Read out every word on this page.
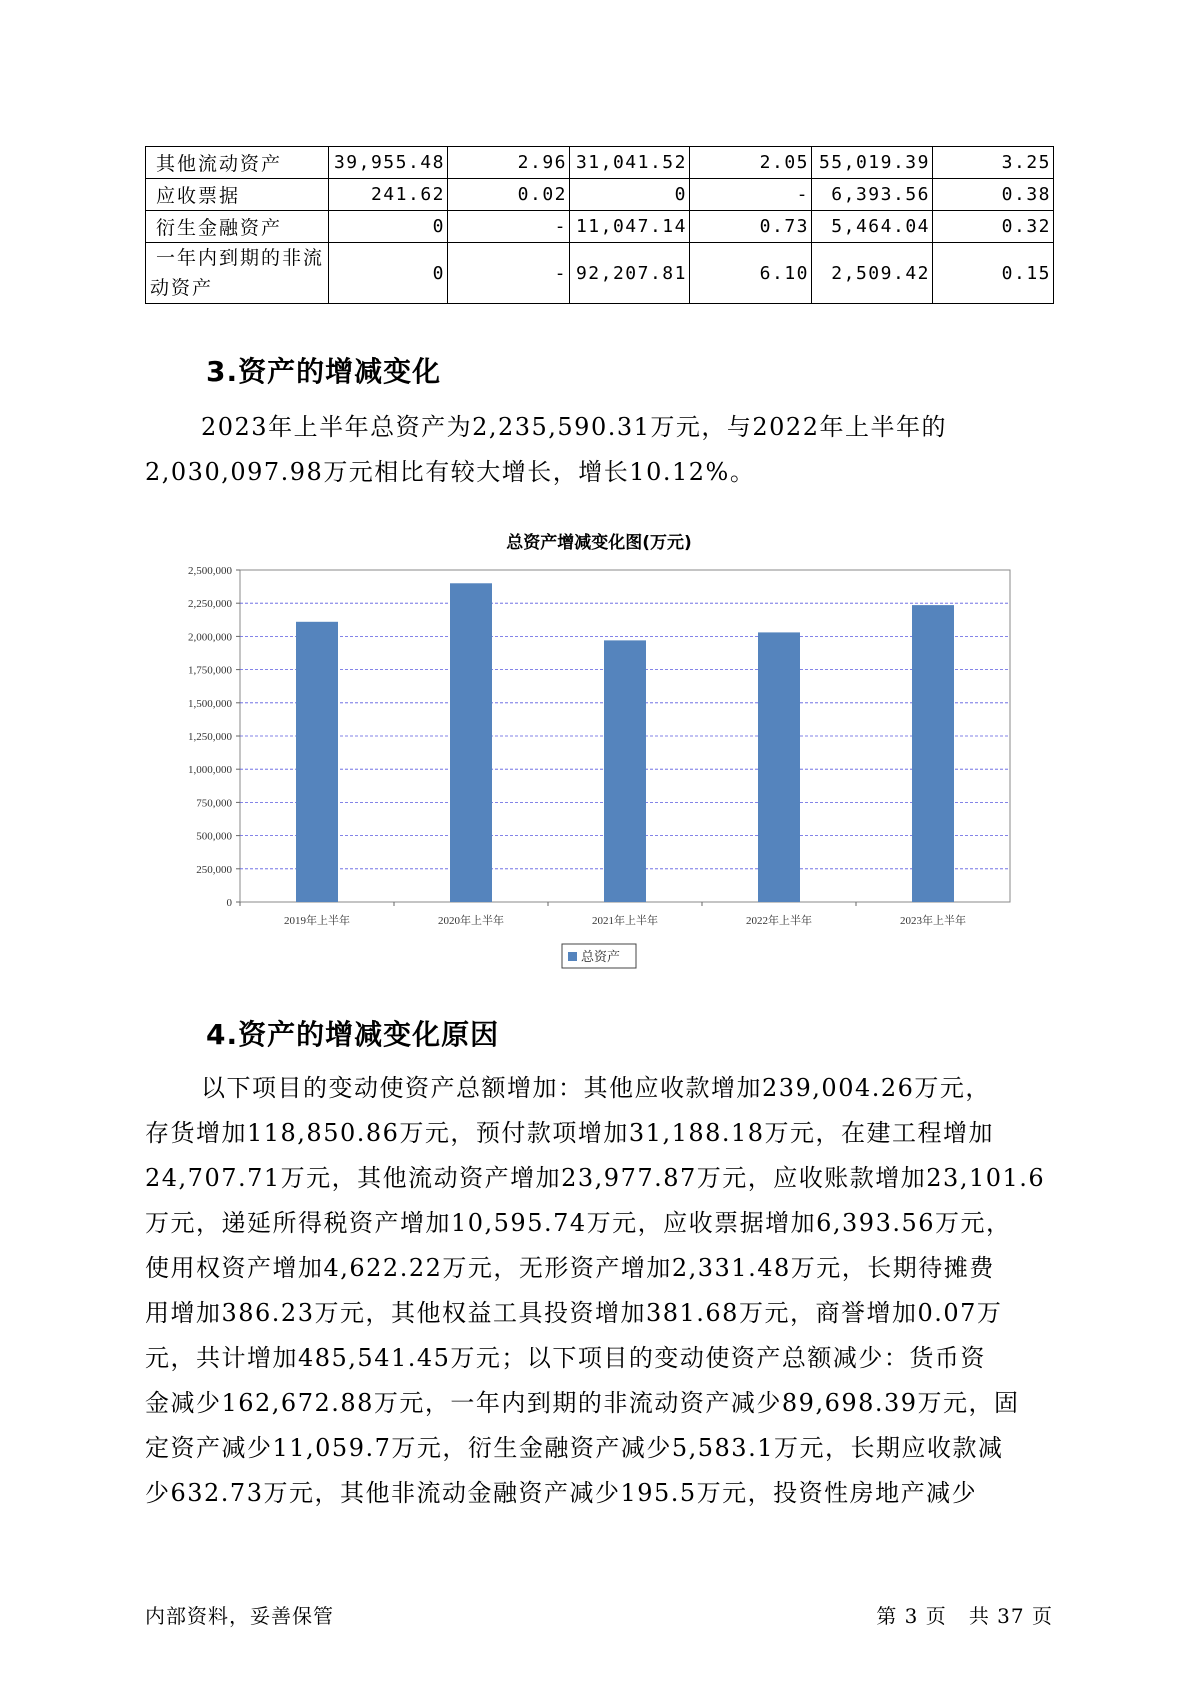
其他流动资产	39,955.48	2.96	31,041.52	2.05	55,019.39	3.25
应收票据	241.62	0.02	0	-	6,393.56	0.38
衍生金融资产	0	-	11,047.14	0.73	5,464.04	0.32
一年内到期的非流
动资产	0	-	92,207.81	6.10	2,509.42	0.15
3.资产的增减变化

2023年上半年总资产为2,235,590.31万元，与2022年上半年的
2,030,097.98万元相比有较大增长，增长10.12%。

总资产增减变化图(万元)
0
250,000
500,000
750,000
1,000,000
1,250,000
1,500,000
1,750,000
2,000,000
2,250,000
2,500,000
2019年上半年	2020年上半年	2021年上半年	2022年上半年	2023年上半年
总资产
4.资产的增减变化原因
以下项目的变动使资产总额增加：其他应收款增加239,004.26万元，
存货增加118,850.86万元，预付款项增加31,188.18万元，在建工程增加
24,707.71万元，其他流动资产增加23,977.87万元，应收账款增加23,101.6
万元，递延所得税资产增加10,595.74万元，应收票据增加6,393.56万元，
使用权资产增加4,622.22万元，无形资产增加2,331.48万元，长期待摊费
用增加386.23万元，其他权益工具投资增加381.68万元，商誉增加0.07万
元，共计增加485,541.45万元；以下项目的变动使资产总额减少：货币资
金减少162,672.88万元，一年内到期的非流动资产减少89,698.39万元，固
定资产减少11,059.7万元，衍生金融资产减少5,583.1万元，长期应收款减
少632.73万元，其他非流动金融资产减少195.5万元，投资性房地产减少
内部资料，妥善保管	第 3 页   共 37 页
